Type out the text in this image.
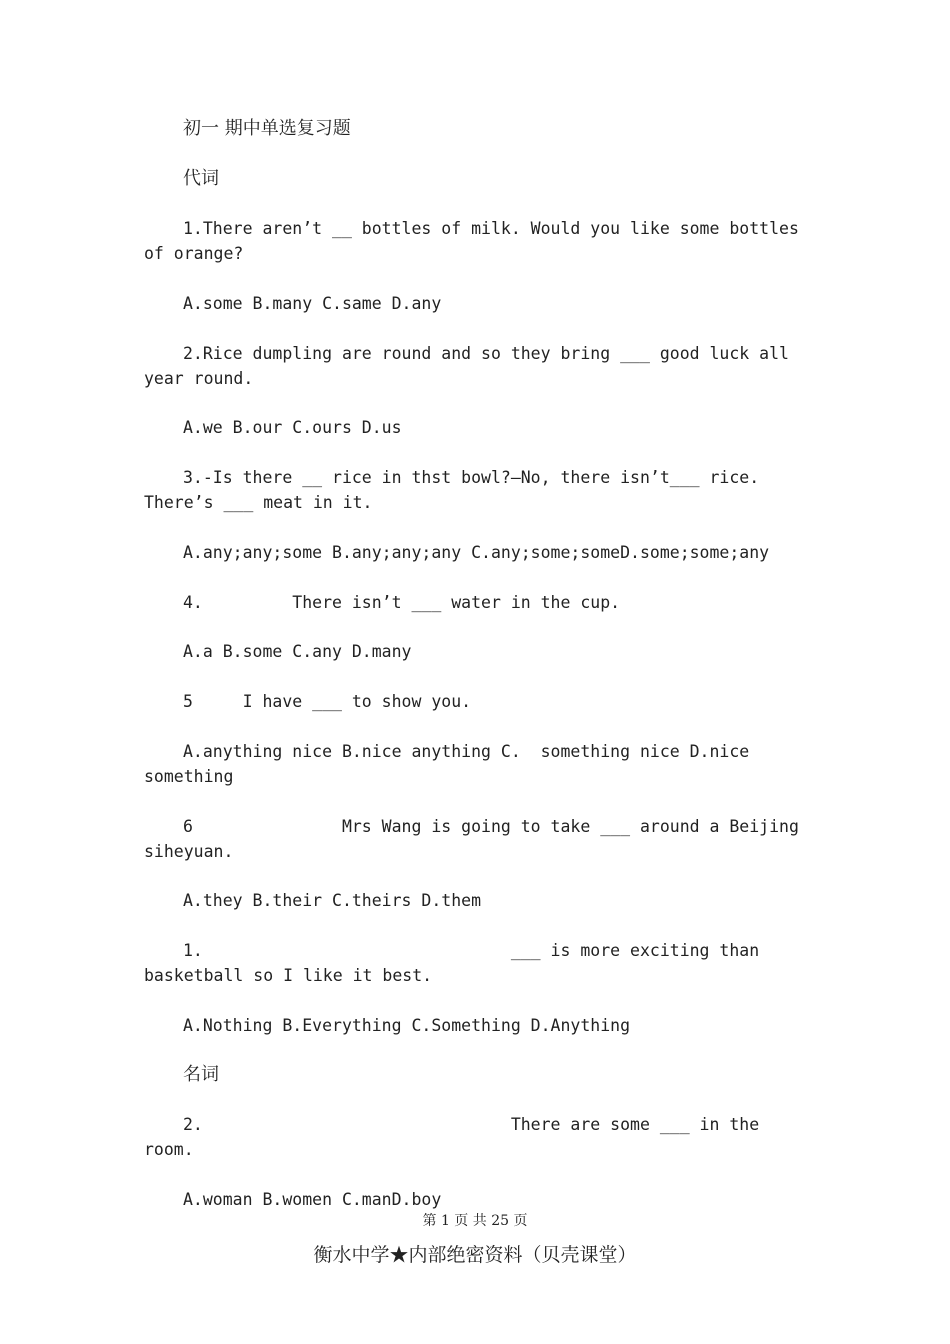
初一 期中单选复习题
代词
1.There aren’t __ bottles of milk. Would you like some bottles
of orange?
A.some B.many C.same D.any
2.Rice dumpling are round and so they bring ___ good luck all
year round.
A.we B.our C.ours D.us
3.-Is there __ rice in thst bowl?—No, there isn’t___ rice.
There’s ___ meat in it.
A.any;any;some B.any;any;any C.any;some;someD.some;some;any
4.         There isn’t ___ water in the cup.
A.a B.some C.any D.many
5     I have ___ to show you.
A.anything nice B.nice anything C.  something nice D.nice
something
6               Mrs Wang is going to take ___ around a Beijing
siheyuan.
A.they B.their C.theirs D.them
1.                               ___ is more exciting than
basketball so I like it best.
A.Nothing B.Everything C.Something D.Anything
名词
2.                               There are some ___ in the
room.
A.woman B.women C.manD.boy
第 1 页 共 25 页
衡水中学★内部绝密资料（贝壳课堂）
